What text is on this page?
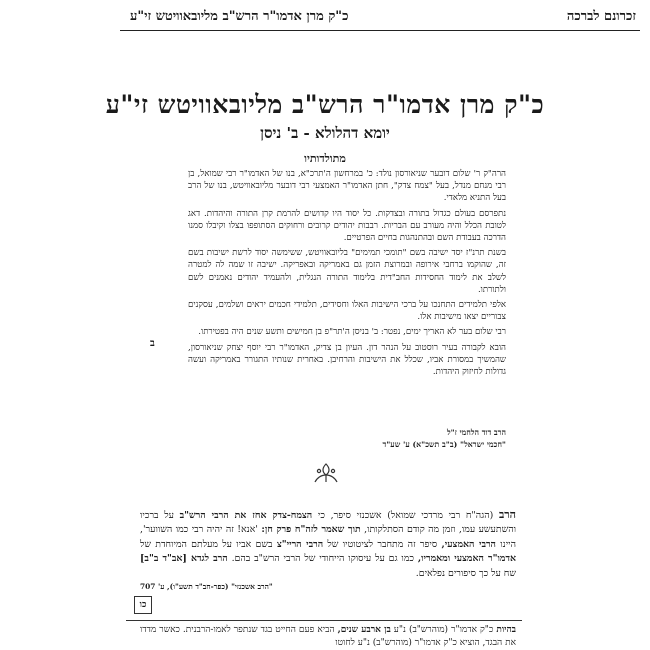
זכרונם לברכה
כ"ק מרן אדמו"ר הרש"ב מליובאוויטש זי"ע
כ"ק מרן אדמו"ר הרש"ב מליובאוויטש זי"ע
יומא דהלולא - ב' ניסן
מתולדותיו

הרה"ק ר' שלום דובער שניאורסון נולד: כ' במרחשון ה'תרכ"א, בנו של האדמו"ר רבי שמואל, בן רבי מנחם מנדל, בעל "צמח צדק", חתן האדמו"ר האמצעי רבי דובער מליובאוויטש, בנו של הרב בעל התניא מלאדי.

נתפרסם בעולם כגדול בתורה ובצדקות. כל יסוד היו קדושים להרמת קרן התורה והיהדות. דאג לטובת הכלל והיה מעורב עם הבריות. רבבות יהודים קרובים ורחוקים הסתופפו בצלו וקיבלו סמנו הדרכה בעבודת השם ובהתנהגות בחיים הפרטיים.

בשנת תרנ"ז יסד ישיבה בשם "תומכי תמימים" בליובאוויטש, ששימשה יסוד לרשת ישיבות בשם זה, שהוקמו ברחבי אירופה ובמרוצת הזמן גם באמריקה ובאפריקה. ישיבה זו שמה לה למטרה לשלב את לימוד החסידות החב"דית בלימוד התורה הנגלית, ולהעמיד יהודים נאמנים לשם ולתורתו.

אלפי תלמידים התחנכו על ברכי הישיבות האלו וחסידים, תלמידי חכמים יראים ושלמים, עסקנים צבוריים יצאו מישיבות אלו.

רבי שלום בער לא האריך ימים, נפטר: ב' בניסן ה'תר"פ בן חמישים ותשע שנים היה בפטירתו.

הובא לקבורה בעיר רוסטוב על הנהר דון. העיון בן צדיק, האדמו"ר רבי יוסף יצחק שניאורסון, שהמשיך במסורת אביו, שכלל את הישיבות והרחיבן. באחרית שנותיו התגורר באמריקה ועשה גדולות לחיזוק היהדות.

ב
הרב דוד הלחמי ז"ל
"חכמי ישראל" (ב"ב תשכ"א) ע' שע"ד
הרב (הגה"ח רבי מרדכי שמואל) אשכנזי סיפר, כי הצמח-צדק אחז את הרבי הרש"ב על ברכיו והשתעשע עמו, וזמן מה קודם הסתלקותו, תוך שאמר לזה"ח פרק חן: 'אנא! זה יהיה רבי כמו השווער', היינו הרבי האמצעי, סיפר זה מתחבר לציטוטיו של הרבי הריי"צ בשם אביו על מעלתם המיוחדת של אדמו"ר האמצעי ומאמריו, כמו גם על עיסוקו הייחודי של הרבי הרש"ב בהם. הרב לגדא [אב"ד ב"ב] שח על כך סיפורים נפלאים.
"הרב אשכנזי" (כפר-חב"ד תשע"ו), ע' 707
כו
בהיות כ"ק אדמו"ר (מוהרש"ב) נ"ע בן ארבע שנים, הביא פעם החייט בגד שנתפר לאמו-הרבנית. כאשר מדדו את הבגד, הוציא כ"ק אדמו"ר (מוהרש"ב) נ"ע לחוטו
